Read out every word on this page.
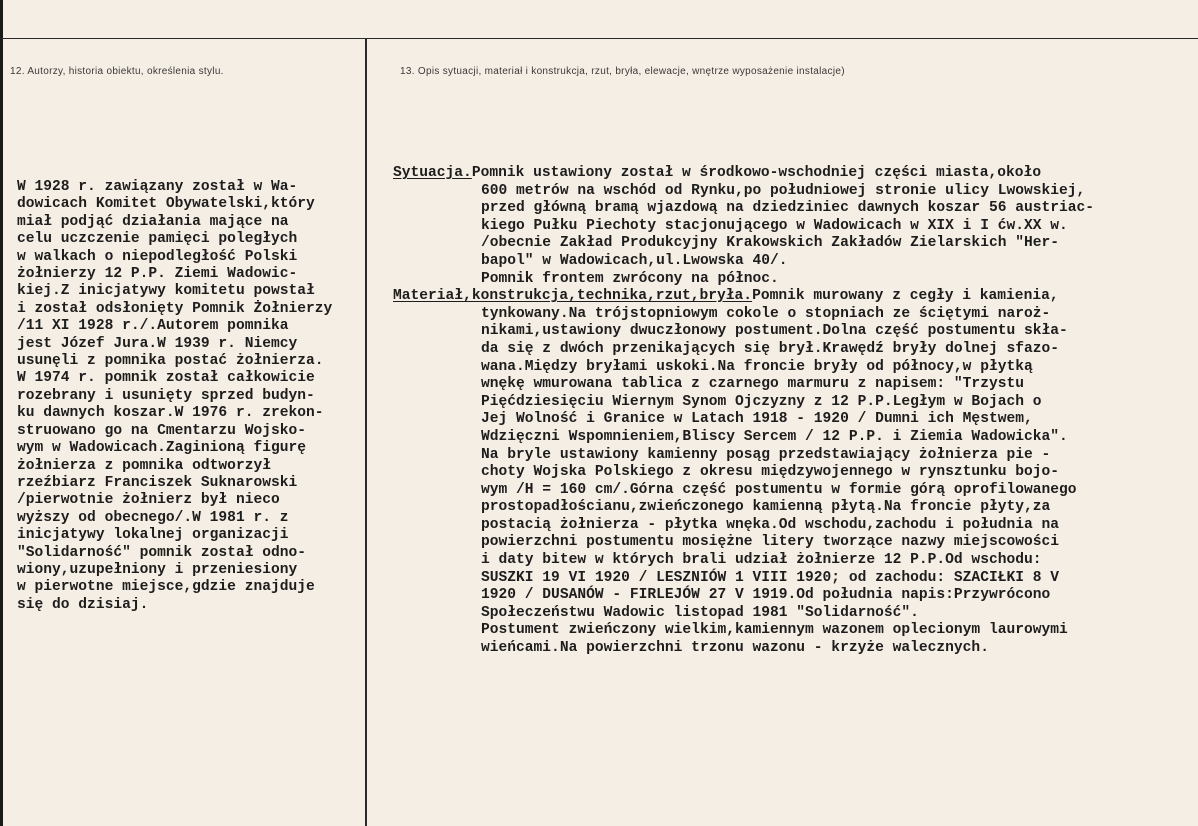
12. Autorzy, historia obiektu, określenia stylu.	13. Opis sytuacji, materiał i konstrukcja, rzut, bryła, elewacje, wnętrze wyposażenie instalacje)
W 1928 r. zawiązany został w Wa-
dowicach Komitet Obywatelski,który
miał podjąć działania mające na
celu uczczenie pamięci poległych
w walkach o niepodległość Polski
żołnierzy 12 P.P. Ziemi Wadowic-
kiej.Z inicjatywy komitetu powstał
i został odsłonięty Pomnik Żołnierzy
/11 XI 1928 r./.Autorem pomnika
jest Józef Jura.W 1939 r. Niemcy
usunęli z pomnika postać żołnierza.
W 1974 r. pomnik został całkowicie
rozebrany i usunięty sprzed budyn-
ku dawnych koszar.W 1976 r. zrekon-
struowano go na Cmentarzu Wojsko-
wym w Wadowicach.Zaginioną figurę
żołnierza z pomnika odtworzył
rzeźbiarz Franciszek Suknarowski
/pierwotnie żołnierz był nieco
wyższy od obecnego/.W 1981 r. z
inicjatywy lokalnej organizacji
"Solidarność" pomnik został odno-
wiony,uzupełniony i przeniesiony
w pierwotne miejsce,gdzie znajduje
się do dzisiaj.
Sytuacja.Pomnik ustawiony został w środkowo-wschodniej części miasta,około
600 metrów na wschód od Rynku,po południowej stronie ulicy Lwowskiej,
przed główną bramą wjazdową na dziedziniec dawnych koszar 56 austriac-
kiego Pułku Piechoty stacjonującego w Wadowicach w XIX i I ćw.XX w.
/obecnie Zakład Produkcyjny Krakowskich Zakładów Zielarskich "Her-
bapol" w Wadowicach,ul.Lwowska 40/.
Pomnik frontem zwrócony na północ.
Materiał,konstrukcja,technika,rzut,bryła.Pomnik murowany z cegły i kamienia,
tynkowany.Na trójstopniowym cokole o stopniach ze ściętymi naroż-
nikami,ustawiony dwuczłonowy postument.Dolna część postumentu skła-
da się z dwóch przenikających się brył.Krawędź bryły dolnej sfazo-
wana.Między bryłami uskoki.Na froncie bryły od północy,w płytką
wnękę wmurowana tablica z czarnego marmuru z napisem: "Trzystu
Pięćdziesięciu Wiernym Synom Ojczyzny z 12 P.P.Ległym w Bojach o
Jej Wolność i Granice w Latach 1918 - 1920 / Dumni ich Męstwem,
Wdzięczni Wspomnieniem,Bliscy Sercem / 12 P.P. i Ziemia Wadowicka".
Na bryle ustawiony kamienny posąg przedstawiający żołnierza pie -
choty Wojska Polskiego z okresu międzywojennego w rynsztunku bojo-
wym /H = 160 cm/.Górna część postumentu w formie górą oprofilowanego
prostopadłościanu,zwieńczonego kamienną płytą.Na froncie płyty,za
postacią żołnierza - płytka wnęka.Od wschodu,zachodu i południa na
powierzchni postumentu mosiężne litery tworzące nazwy miejscowości
i daty bitew w których brali udział żołnierze 12 P.P.Od wschodu:
SUSZKI 19 VI 1920 / LESZNIÓW 1 VIII 1920; od zachodu: SZACIŁKI 8 V
1920 / DUSANÓW - FIRLEJÓW 27 V 1919.Od południa napis:Przywrócono
Społeczeństwu Wadowic listopad 1981 "Solidarność".
Postument zwieńczony wielkim,kamiennym wazonem oplecionym laurowymi
wieńcami.Na powierzchni trzonu wazonu - krzyże walecznych.
